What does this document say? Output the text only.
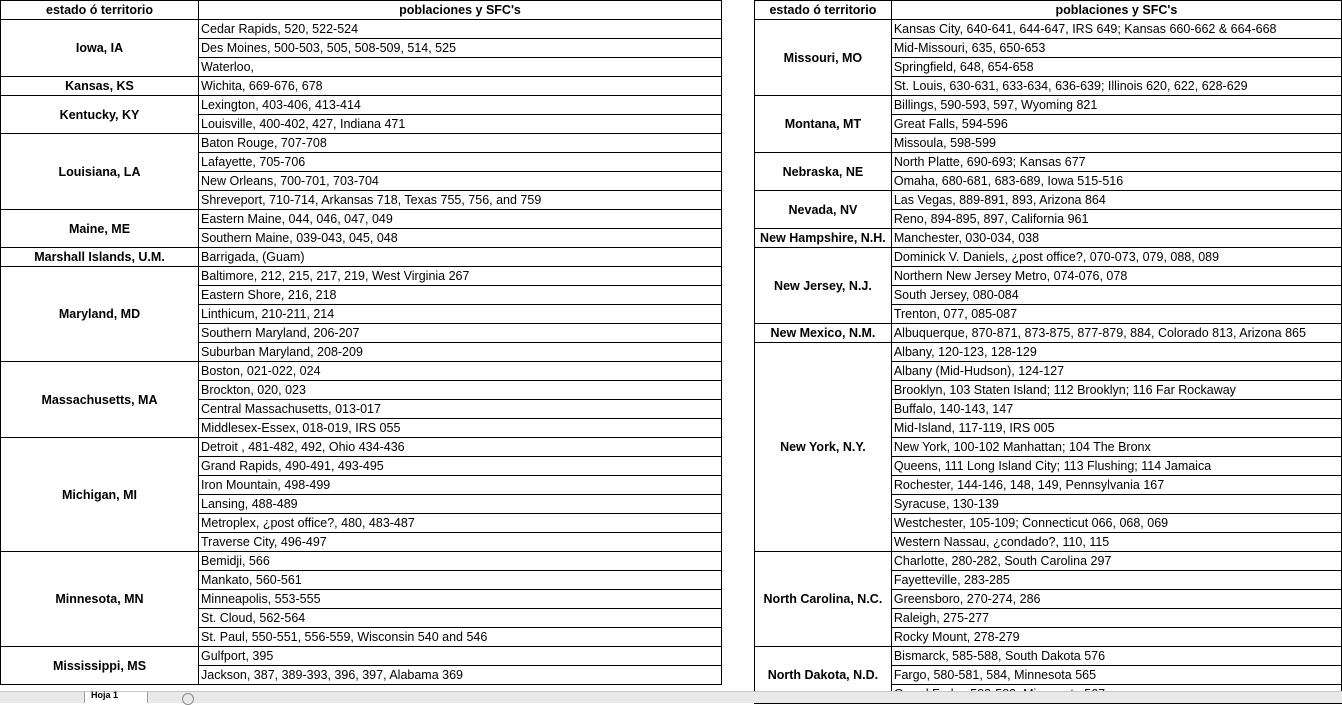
estado ó territorio	poblaciones y SFC's
Iowa, IA	Cedar Rapids, 520, 522-524
	Des Moines, 500-503, 505, 508-509, 514, 525
	Waterloo,
Kansas, KS	Wichita, 669-676, 678
Kentucky, KY	Lexington, 403-406, 413-414
	Louisville, 400-402, 427, Indiana 471
Louisiana, LA	Baton Rouge, 707-708
	Lafayette, 705-706
	New Orleans, 700-701, 703-704
	Shreveport, 710-714, Arkansas 718, Texas 755, 756, and 759
Maine, ME	Eastern Maine, 044, 046, 047, 049
	Southern Maine, 039-043, 045, 048
Marshall Islands, U.M.	Barrigada, (Guam)
Maryland, MD	Baltimore, 212, 215, 217, 219, West Virginia 267
	Eastern Shore, 216, 218
	Linthicum, 210-211, 214
	Southern Maryland, 206-207
	Suburban Maryland, 208-209
Massachusetts, MA	Boston, 021-022, 024
	Brockton, 020, 023
	Central Massachusetts, 013-017
	Middlesex-Essex, 018-019, IRS 055
Michigan, MI	Detroit , 481-482, 492, Ohio 434-436
	Grand Rapids, 490-491, 493-495
	Iron Mountain, 498-499
	Lansing, 488-489
	Metroplex, ¿post office?, 480, 483-487
	Traverse City, 496-497
Minnesota, MN	Bemidji, 566
	Mankato, 560-561
	Minneapolis, 553-555
	St. Cloud, 562-564
	St. Paul, 550-551, 556-559, Wisconsin 540 and 546
Mississippi, MS	Gulfport, 395
	Jackson, 387, 389-393, 396, 397, Alabama 369
estado ó territorio	poblaciones y SFC's
Missouri, MO	Kansas City, 640-641, 644-647, IRS 649; Kansas 660-662 & 664-668
	Mid-Missouri, 635, 650-653
	Springfield, 648, 654-658
	St. Louis, 630-631, 633-634, 636-639; Illinois 620, 622, 628-629
Montana, MT	Billings, 590-593, 597, Wyoming 821
	Great Falls, 594-596
	Missoula, 598-599
Nebraska, NE	North Platte, 690-693; Kansas 677
	Omaha, 680-681, 683-689, Iowa 515-516
Nevada, NV	Las Vegas, 889-891, 893, Arizona 864
	Reno, 894-895, 897, California 961
New Hampshire, N.H.	Manchester, 030-034, 038
New Jersey, N.J.	Dominick V. Daniels, ¿post office?, 070-073, 079, 088, 089
	Northern New Jersey Metro, 074-076, 078
	South Jersey, 080-084
	Trenton, 077, 085-087
New Mexico, N.M.	Albuquerque, 870-871, 873-875, 877-879, 884, Colorado 813, Arizona 865
New York, N.Y.	Albany, 120-123, 128-129
	Albany (Mid-Hudson), 124-127
	Brooklyn, 103 Staten Island; 112 Brooklyn; 116 Far Rockaway
	Buffalo, 140-143, 147
	Mid-Island, 117-119, IRS 005
	New York, 100-102 Manhattan; 104 The Bronx
	Queens, 111 Long Island City; 113 Flushing; 114 Jamaica
	Rochester, 144-146, 148, 149, Pennsylvania 167
	Syracuse, 130-139
	Westchester, 105-109; Connecticut 066, 068, 069
	Western Nassau, ¿condado?, 110, 115
North Carolina, N.C.	Charlotte, 280-282, South Carolina 297
	Fayetteville, 283-285
	Greensboro, 270-274, 286
	Raleigh, 275-277
	Rocky Mount, 278-279
North Dakota, N.D.	Bismarck, 585-588, South Dakota 576
	Fargo, 580-581, 584, Minnesota 565

Hoja 1
